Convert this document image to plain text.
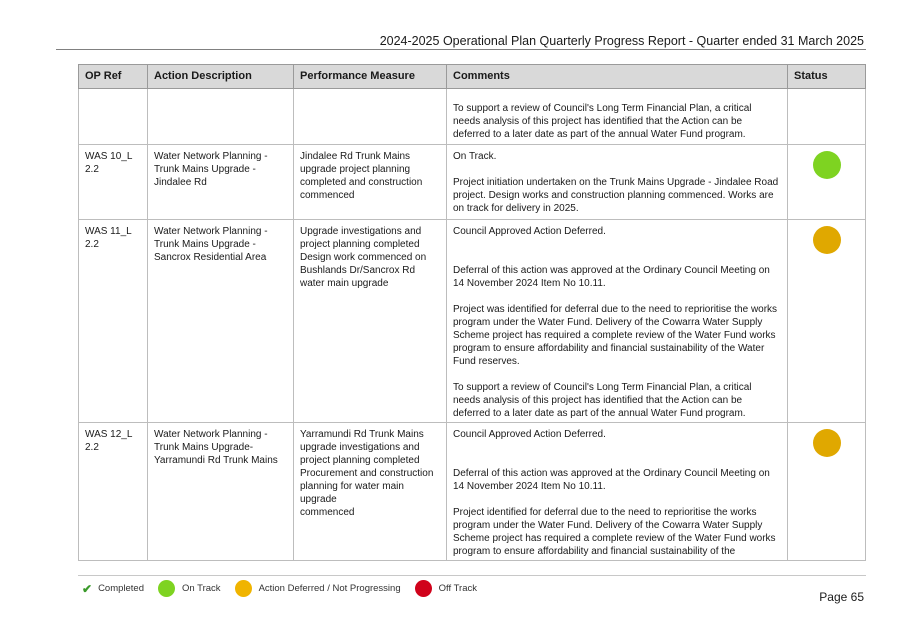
2024-2025 Operational Plan Quarterly Progress Report - Quarter ended 31 March 2025
OP Ref	Action Description	Performance Measure	Comments	Status
			To support a review of Council's Long Term Financial Plan, a critical needs analysis of this project has identified that the Action can be deferred to a later date as part of the annual Water Fund program.	
WAS 10_L 2.2	Water Network Planning - Trunk Mains Upgrade - Jindalee Rd	Jindalee Rd Trunk Mains upgrade project planning completed and construction commenced	On Track.

Project initiation undertaken on the Trunk Mains Upgrade - Jindalee Road project. Design works and construction planning commenced. Works are on track for delivery in 2025.	
WAS 11_L 2.2	Water Network Planning - Trunk Mains Upgrade - Sancrox Residential Area	Upgrade investigations and project planning completed Design work commenced on Bushlands Dr/Sancrox Rd water main upgrade	Council Approved Action Deferred.

Deferral of this action was approved at the Ordinary Council Meeting on 14 November 2024 Item No 10.11.

Project was identified for deferral due to the need to reprioritise the works program under the Water Fund. Delivery of the Cowarra Water Supply Scheme project has required a complete review of the Water Fund works program to ensure affordability and financial sustainability of the Water Fund reserves.

To support a review of Council's Long Term Financial Plan, a critical needs analysis of this project has identified that the Action can be deferred to a later date as part of the annual Water Fund program.	
WAS 12_L 2.2	Water Network Planning - Trunk Mains Upgrade- Yarramundi Rd Trunk Mains	Yarramundi Rd Trunk Mains upgrade investigations and project planning completed Procurement and construction planning for water main upgrade
commenced	Council Approved Action Deferred.

Deferral of this action was approved at the Ordinary Council Meeting on 14 November 2024 Item No 10.11.

Project identified for deferral due to the need to reprioritise the works program under the Water Fund. Delivery of the Cowarra Water Supply Scheme project has required a complete review of the Water Fund works program to ensure affordability and financial sustainability of the	
✔ Completed	On Track	Action Deferred / Not Progressing	Off Track
Page 65
